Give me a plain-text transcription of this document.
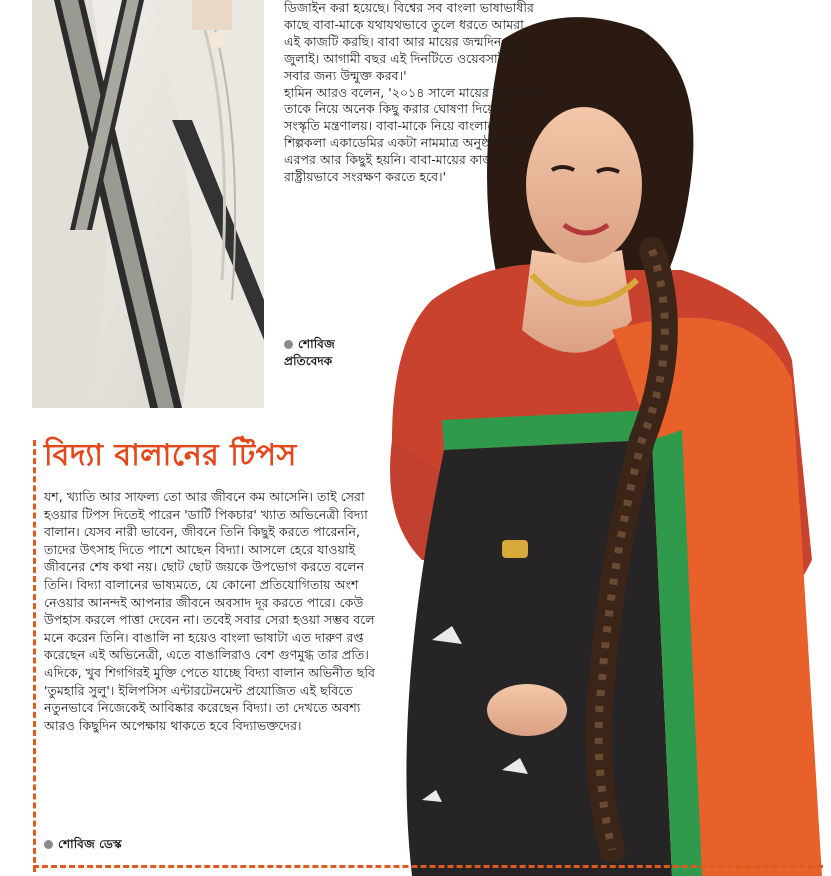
ডিজাইন করা হয়েছে। বিশ্বের সব বাংলা ভাষাভাষীর কাছে বাবা-মাকে যথাযথভাবে তুলে ধরতে আমরা এই কাজটি করছি। বাবা আর মায়ের জন্মদিন ২৮ জুলাই। আগামী বছর এই দিনটিতে ওয়েবসাইট দুটি সবার জন্য উন্মুক্ত করব।'

হামিন আরও বলেন, '২০১৪ সালে মায়ের মৃত্যুর পর তাকে নিয়ে অনেক কিছু করার ঘোষণা দিয়েছিল সংস্কৃতি মন্ত্রণালয়। বাবা-মাকে নিয়ে বাংলাদেশ শিল্পকলা একাডেমির একটা নামমাত্র অনুষ্ঠান ছাড়া এরপর আর কিছুই হয়নি। বাবা-মায়ের কাজকে রাষ্ট্রীয়ভাবে সংরক্ষণ করতে হবে।'

শোবিজ
প্রতিবেদক
বিদ্যা বালানের টিপস
যশ, খ্যাতি আর সাফল্য তো আর জীবনে কম আসেনি। তাই সেরা হওয়ার টিপস দিতেই পারেন 'ডার্টি পিকচার' খ্যাত অভিনেত্রী বিদ্যা বালান। যেসব নারী ভাবেন, জীবনে তিনি কিছুই করতে পারেননি, তাদের উৎসাহ দিতে পাশে আছেন বিদ্যা। আসলে হেরে যাওয়াই জীবনের শেষ কথা নয়। ছোট ছোট জয়কে উপভোগ করতে বলেন তিনি। বিদ্যা বালানের ভাষ্যমতে, যে কোনো প্রতিযোগিতায় অংশ নেওয়ার আনন্দই আপনার জীবনে অবসাদ দূর করতে পারে। কেউ উপহাস করলে পাত্তা দেবেন না। তবেই সবার সেরা হওয়া সম্ভব বলে মনে করেন তিনি। বাঙালি না হয়েও বাংলা ভাষাটা এত দারুণ রপ্ত করেছেন এই অভিনেত্রী, এতে বাঙালিরাও বেশ গুণমুগ্ধ তার প্রতি। এদিকে, খুব শিগগিরই মুক্তি পেতে যাচ্ছে বিদ্যা বালান অভিনীত ছবি 'তুমহারি সুলু'। ইলিপসিস এন্টারটেনমেন্ট প্রযোজিত এই ছবিতে নতুনভাবে নিজেকেই আবিষ্কার করেছেন বিদ্যা। তা দেখতে অবশ্য আরও কিছুদিন অপেক্ষায় থাকতে হবে বিদ্যাভক্তদের।
শোবিজ ডেস্ক
